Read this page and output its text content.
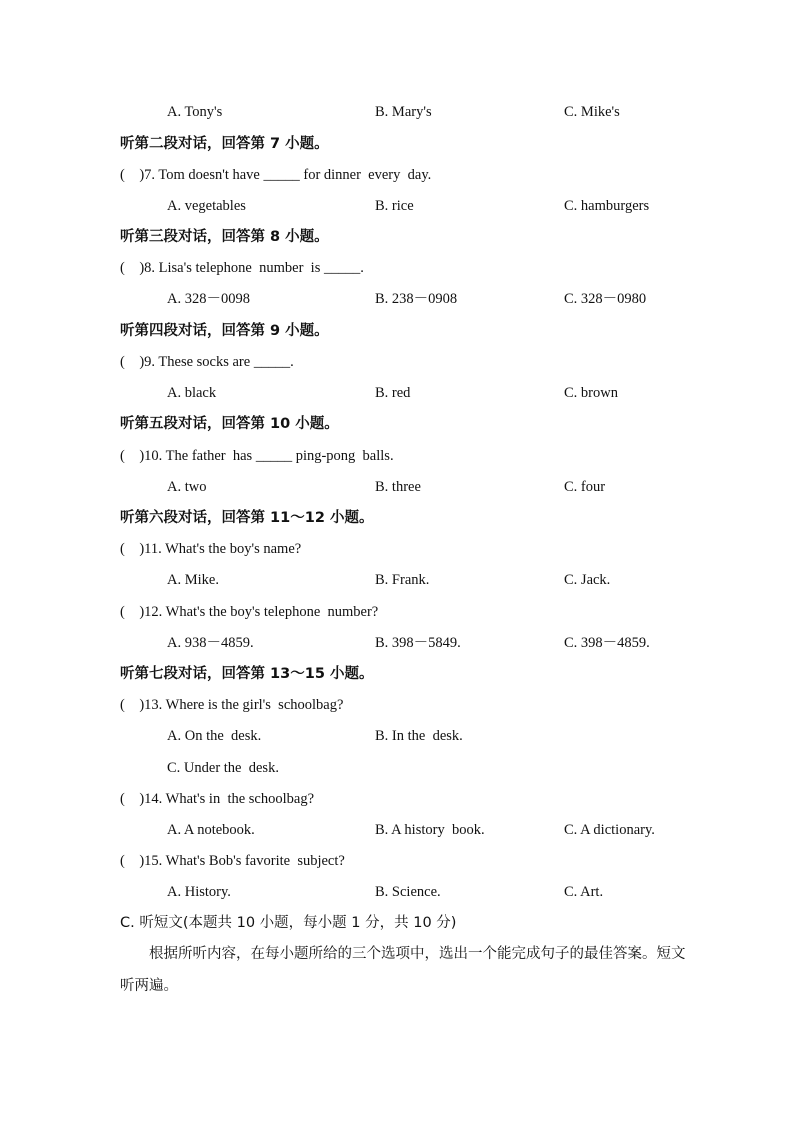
A. Tony's	B. Mary's	C. Mike's
听第二段对话，回答第 7 小题。
(    )7. Tom doesn't have _____ for dinner  every  day.
A. vegetables	B. rice	C. hamburgers
听第三段对话，回答第 8 小题。
(    )8. Lisa's telephone  number  is _____.
A. 328－0098	B. 238－0908	C. 328－0980
听第四段对话，回答第 9 小题。
(    )9. These socks are _____.
A. black	B. red	C. brown
听第五段对话，回答第 10 小题。
(    )10. The father  has _____ ping-pong  balls.
A. two	B. three	C. four
听第六段对话，回答第 11～12 小题。
(    )11. What's the boy's name?
A. Mike.	B. Frank.	C. Jack.
(    )12. What's the boy's telephone  number?
A. 938－4859.	B. 398－5849.	C. 398－4859.
听第七段对话，回答第 13～15 小题。
(    )13. Where is the girl's  schoolbag?
A. On the  desk.	B. In the  desk.
C. Under the  desk.
(    )14. What's in  the schoolbag?
A. A notebook.	B. A history  book.	C. A dictionary.
(    )15. What's Bob's favorite  subject?
A. History.	B. Science.	C. Art.
C. 听短文(本题共 10 小题，每小题 1 分，共 10 分)
根据所听内容，在每小题所给的三个选项中，选出一个能完成句子的最佳答案。短文听两遍。
